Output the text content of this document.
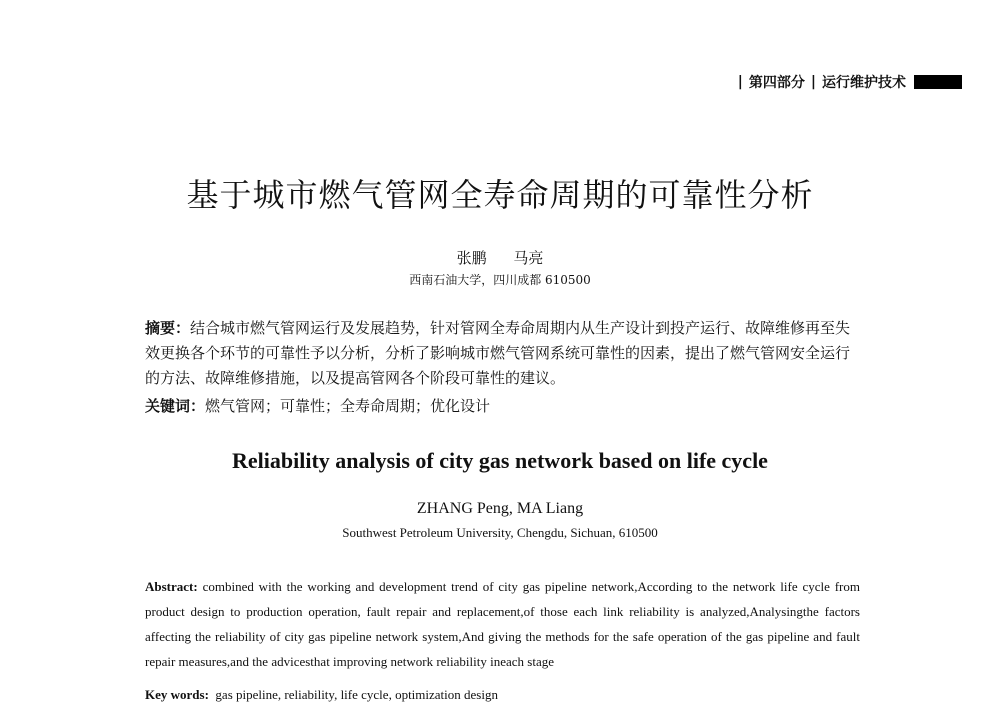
| 第四部分 | 运行维护技术
基于城市燃气管网全寿命周期的可靠性分析
张鹏 马亮
西南石油大学，四川成都 610500
摘要：结合城市燃气管网运行及发展趋势，针对管网全寿命周期内从生产设计到投产运行、故障维修再至失效更换各个环节的可靠性予以分析，分析了影响城市燃气管网系统可靠性的因素，提出了燃气管网安全运行的方法、故障维修措施，以及提高管网各个阶段可靠性的建议。
关键词：燃气管网；可靠性；全寿命周期；优化设计
Reliability analysis of city gas network based on life cycle
ZHANG Peng, MA Liang
Southwest Petroleum University, Chengdu, Sichuan, 610500
Abstract: combined with the working and development trend of city gas pipeline network,According to the network life cycle from product design to production operation, fault repair and replacement,of those each link reliability is analyzed,Analysingthe factors affecting the reliability of city gas pipeline network system,And giving the methods for the safe operation of the gas pipeline and fault repair measures,and the advicesthat improving network reliability ineach stage
Key words: gas pipeline, reliability, life cycle, optimization design
